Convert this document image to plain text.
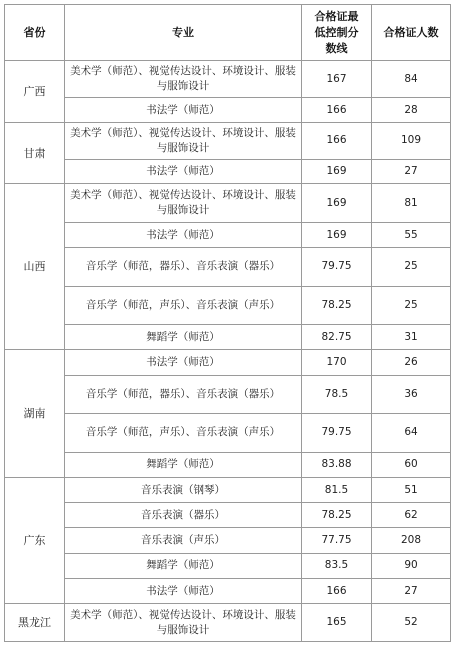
省份	专业	合格证最低控制分数线	合格证人数
广西	美术学（师范）、视觉传达设计、环境设计、服装与服饰设计	167	84
	书法学（师范）	166	28
甘肃	美术学（师范）、视觉传达设计、环境设计、服装与服饰设计	166	109
	书法学（师范）	169	27
山西	美术学（师范）、视觉传达设计、环境设计、服装与服饰设计	169	81
	书法学（师范）	169	55
	音乐学（师范，器乐）、音乐表演（器乐）	79.75	25
	音乐学（师范，声乐）、音乐表演（声乐）	78.25	25
	舞蹈学（师范）	82.75	31
湖南	书法学（师范）	170	26
	音乐学（师范，器乐）、音乐表演（器乐）	78.5	36
	音乐学（师范，声乐）、音乐表演（声乐）	79.75	64
	舞蹈学（师范）	83.88	60
广东	音乐表演（钢琴）	81.5	51
	音乐表演（器乐）	78.25	62
	音乐表演（声乐）	77.75	208
	舞蹈学（师范）	83.5	90
	书法学（师范）	166	27
黑龙江	美术学（师范）、视觉传达设计、环境设计、服装与服饰设计	165	52
